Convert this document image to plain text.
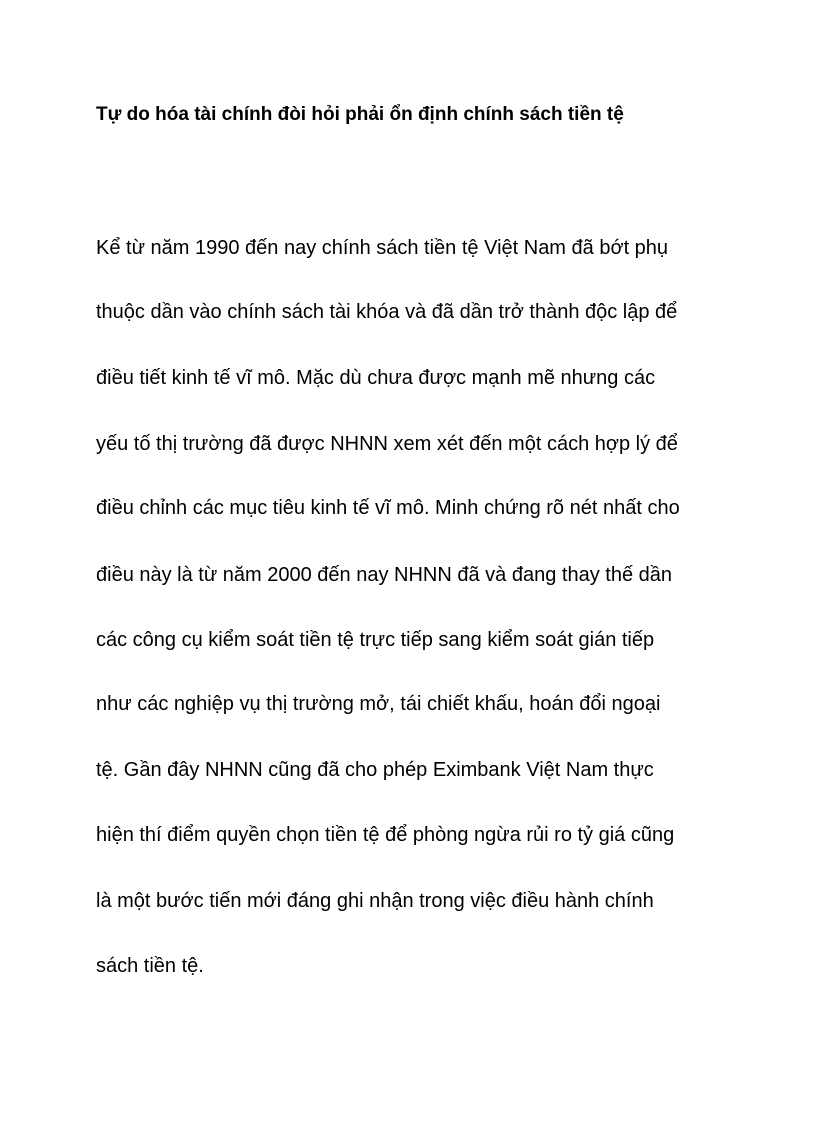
Tự do hóa tài chính đòi hỏi phải ổn định chính sách tiền tệ

Kể từ năm 1990 đến nay chính sách tiền tệ Việt Nam đã bớt phụ

thuộc dần vào chính sách tài khóa và đã dần trở thành độc lập để

điều tiết kinh tế vĩ mô. Mặc dù chưa được mạnh mẽ nhưng các

yếu tố thị trường đã được NHNN xem xét đến một cách hợp lý để

điều chỉnh các mục tiêu kinh tế vĩ mô. Minh chứng rõ nét nhất cho

điều này là từ năm 2000 đến nay NHNN đã và đang thay thế dần

các công cụ kiểm soát tiền tệ trực tiếp sang kiểm soát gián tiếp

như các nghiệp vụ thị trường mở, tái chiết khấu, hoán đổi ngoại

tệ. Gần đây NHNN cũng đã cho phép Eximbank Việt Nam thực

hiện thí điểm quyền chọn tiền tệ để phòng ngừa rủi ro tỷ giá cũng

là một bước tiến mới đáng ghi nhận trong việc điều hành chính

sách tiền tệ.
